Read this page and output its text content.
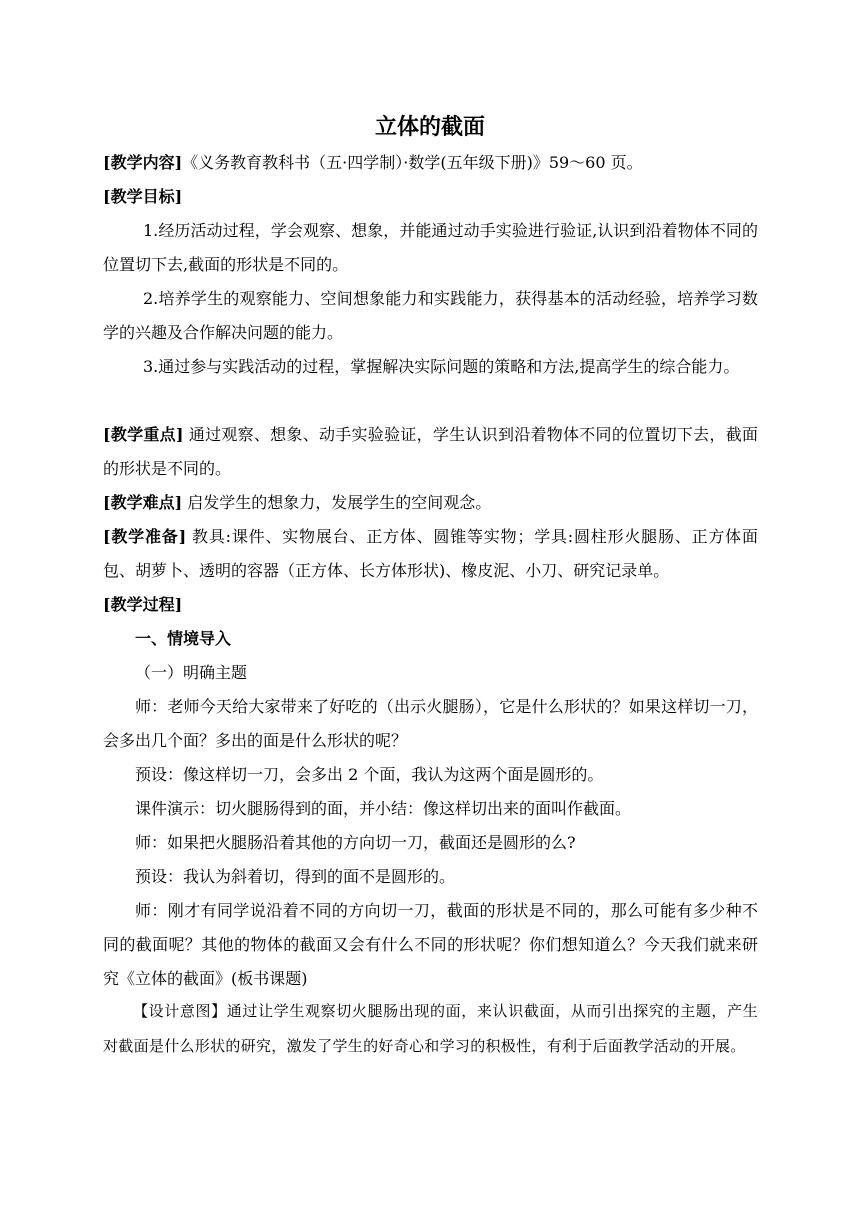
立体的截面
[教学内容]《义务教育教科书（五·四学制）·数学(五年级下册)》59～60 页。
[教学目标]
1.经历活动过程，学会观察、想象，并能通过动手实验进行验证,认识到沿着物体不同的位置切下去,截面的形状是不同的。
2.培养学生的观察能力、空间想象能力和实践能力，获得基本的活动经验，培养学习数学的兴趣及合作解决问题的能力。
3.通过参与实践活动的过程，掌握解决实际问题的策略和方法,提高学生的综合能力。
[教学重点] 通过观察、想象、动手实验验证，学生认识到沿着物体不同的位置切下去，截面的形状是不同的。
[教学难点] 启发学生的想象力，发展学生的空间观念。
[教学准备] 教具:课件、实物展台、正方体、圆锥等实物；学具:圆柱形火腿肠、正方体面包、胡萝卜、透明的容器（正方体、长方体形状)、橡皮泥、小刀、研究记录单。
[教学过程]
一、情境导入
（一）明确主题
师：老师今天给大家带来了好吃的（出示火腿肠），它是什么形状的？如果这样切一刀，会多出几个面？多出的面是什么形状的呢？
预设：像这样切一刀，会多出 2 个面，我认为这两个面是圆形的。
课件演示：切火腿肠得到的面，并小结：像这样切出来的面叫作截面。
师：如果把火腿肠沿着其他的方向切一刀，截面还是圆形的么?
预设：我认为斜着切，得到的面不是圆形的。
师：刚才有同学说沿着不同的方向切一刀，截面的形状是不同的，那么可能有多少种不同的截面呢？其他的物体的截面又会有什么不同的形状呢？你们想知道么？今天我们就来研究《立体的截面》(板书课题)
【设计意图】通过让学生观察切火腿肠出现的面，来认识截面，从而引出探究的主题，产生对截面是什么形状的研究，激发了学生的好奇心和学习的积极性，有利于后面教学活动的开展。
